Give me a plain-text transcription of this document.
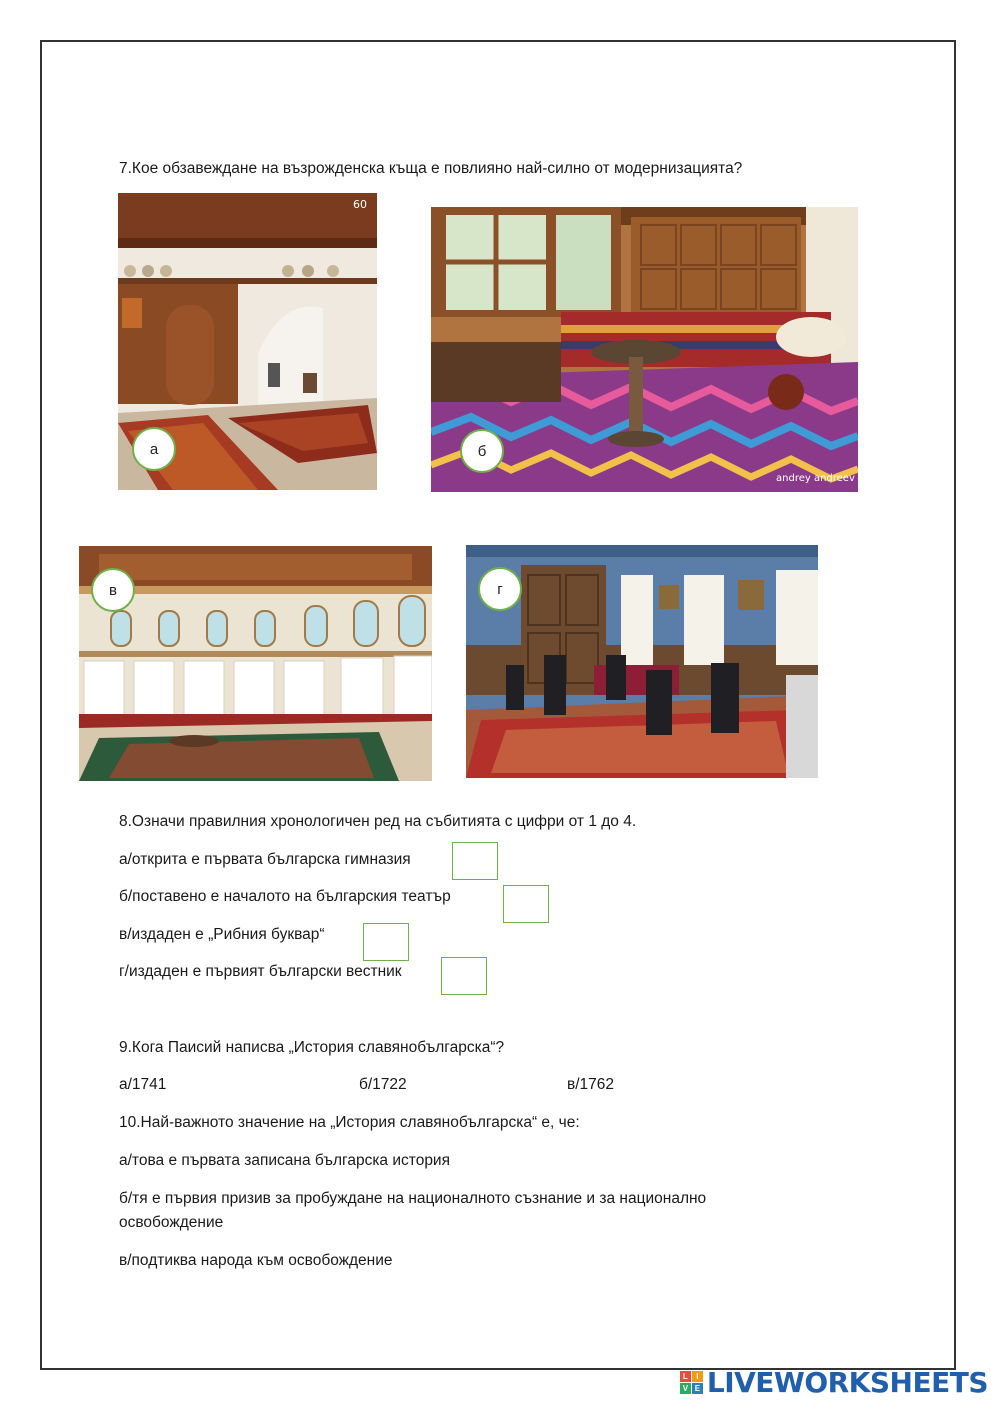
7.Кое обзавеждане на възрожденска къща е повлияно най-силно от модернизацията?
60
а
andrey andreev
б
в	г
8.Означи правилния хронологичен ред на събитията с цифри от 1 до 4.
а/открита е първата българска гимназия
б/поставено е началото на българския театър
в/издаден е „Рибния буквар“
г/издаден е първият български вестник
9.Кога Паисий написва „История славянобългарска“?
а/1741	б/1722	в/1762
10.Най-важното значение на „История славянобългарска“ е, че:
а/това е първата записана българска история
б/тя е първия призив за пробуждане на националното съзнание и за национално
освобождение
в/подтиква народа към освобождение
L	I
V E LIVEWORKSHEETS
